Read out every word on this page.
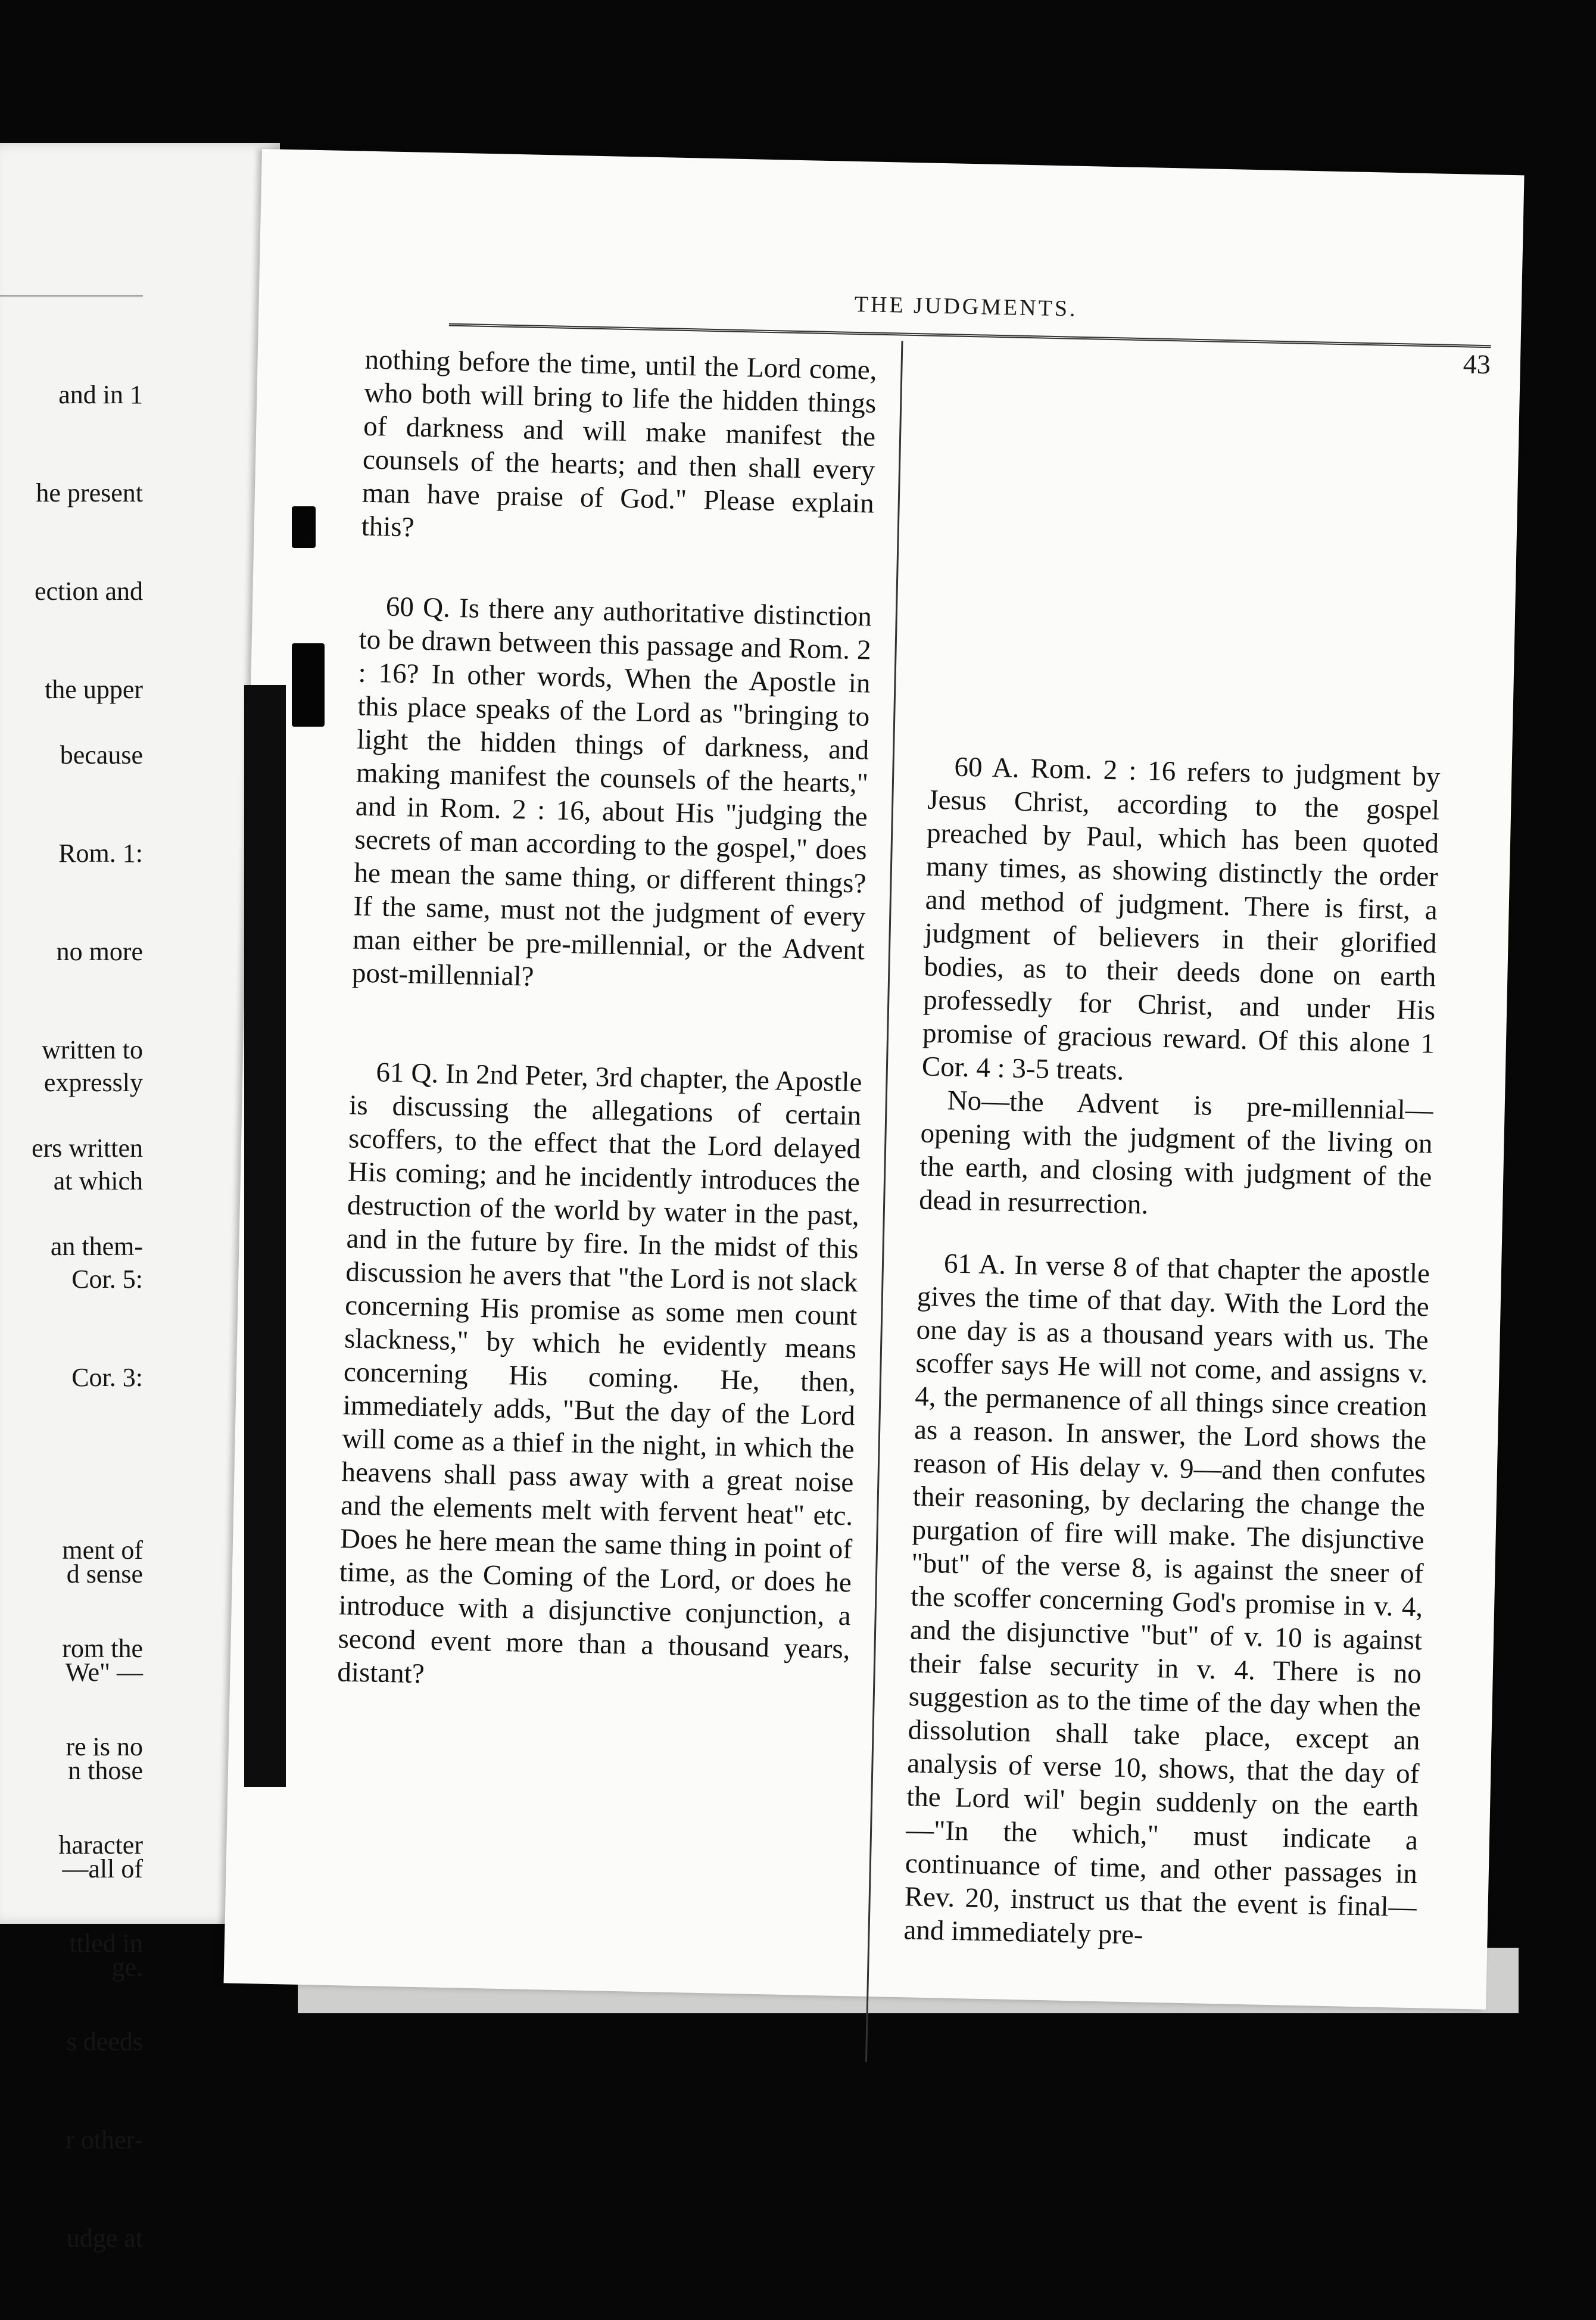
and in 1

he present

ection and

the upper

because

Rom. 1:

no more

written to

ers written

an them-

expressly

at which

Cor. 5:

Cor. 3:

d sense

We" —

n those

—all of

ge.

ment of

rom the

re is no

haracter

ttled in

s deeds

r other-

udge at

THE JUDGMENTS.
43

nothing before the time, until the Lord come, who both will bring to life the hidden things of darkness and will make manifest the counsels of the hearts; and then shall every man have praise of God." Please explain this?

60 Q. Is there any authoritative distinction to be drawn between this passage and Rom. 2 : 16? In other words, When the Apostle in this place speaks of the Lord as "bringing to light the hidden things of darkness, and making manifest the counsels of the hearts," and in Rom. 2 : 16, about His "judging the secrets of man according to the gospel," does he mean the same thing, or different things? If the same, must not the judgment of every man either be pre-millennial, or the Advent post-millennial?

61 Q. In 2nd Peter, 3rd chapter, the Apostle is discussing the allegations of certain scoffers, to the effect that the Lord delayed His coming; and he incidently introduces the destruction of the world by water in the past, and in the future by fire. In the midst of this discussion he avers that "the Lord is not slack concerning His promise as some men count slackness," by which he evidently means concerning His coming. He, then, immediately adds, "But the day of the Lord will come as a thief in the night, in which the heavens shall pass away with a great noise and the elements melt with fervent heat" etc. Does he here mean the same thing in point of time, as the Coming of the Lord, or does he introduce with a disjunctive conjunction, a second event more than a thousand years, distant?

60 A. Rom. 2 : 16 refers to judgment by Jesus Christ, according to the gospel preached by Paul, which has been quoted many times, as showing distinctly the order and method of judgment. There is first, a judgment of believers in their glorified bodies, as to their deeds done on earth professedly for Christ, and under His promise of gracious reward. Of this alone 1 Cor. 4 : 3-5 treats.

No—the Advent is pre-millennial—opening with the judgment of the living on the earth, and closing with judgment of the dead in resurrection.

61 A. In verse 8 of that chapter the apostle gives the time of that day. With the Lord the one day is as a thousand years with us. The scoffer says He will not come, and assigns v. 4, the permanence of all things since creation as a reason. In answer, the Lord shows the reason of His delay v. 9—and then confutes their reasoning, by declaring the change the purgation of fire will make. The disjunctive "but" of the verse 8, is against the sneer of the scoffer concerning God's promise in v. 4, and the disjunctive "but" of v. 10 is against their false security in v. 4. There is no suggestion as to the time of the day when the dissolution shall take place, except an analysis of verse 10, shows, that the day of the Lord wil' begin suddenly on the earth—"In the which," must indicate a continuance of time, and other passages in Rev. 20, instruct us that the event is final—and immediately pre-
